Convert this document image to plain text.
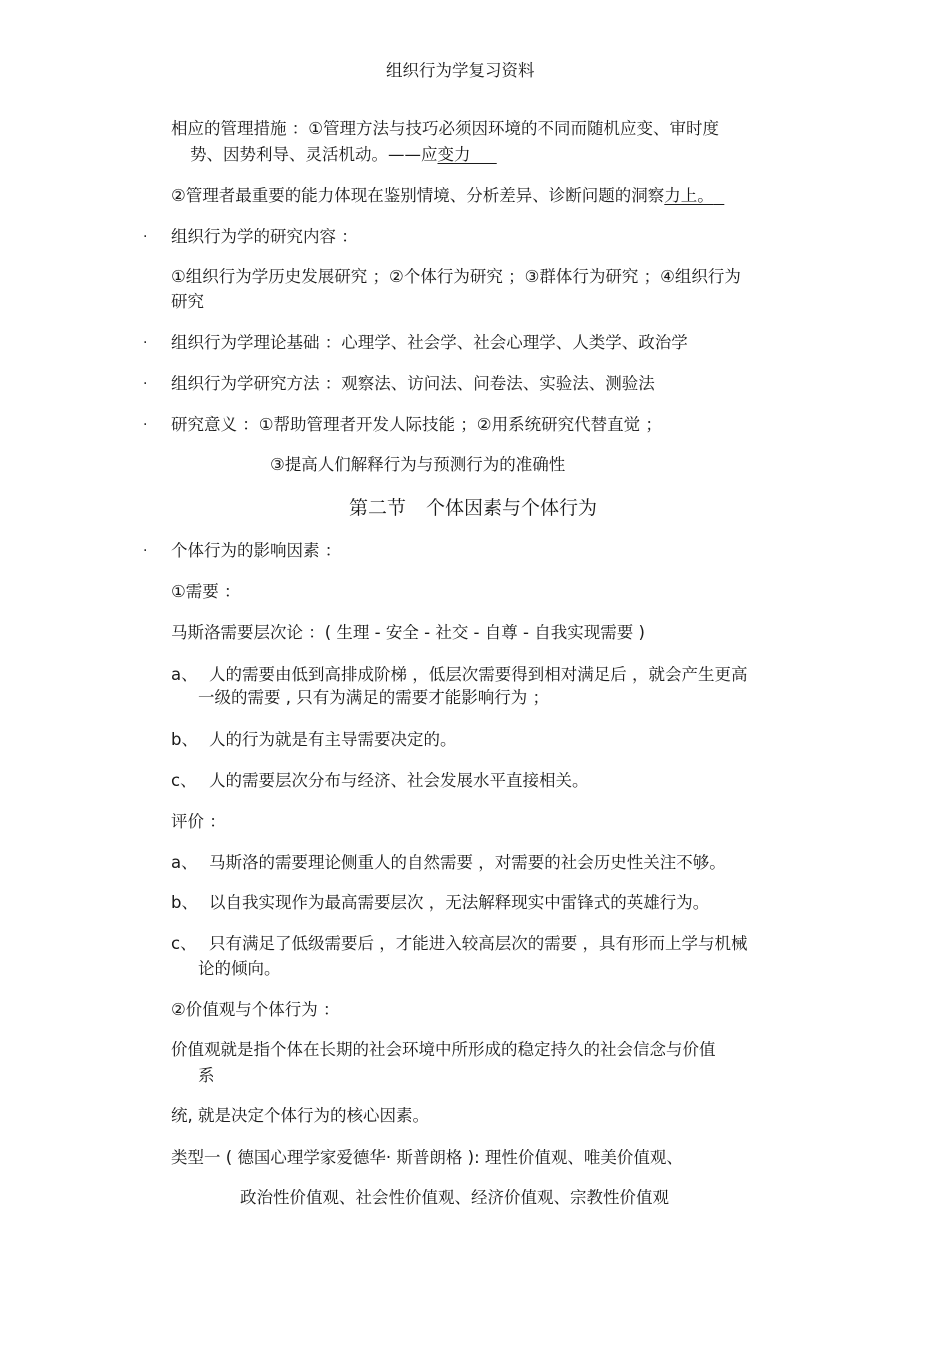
组织行为学复习资料
相应的管理措施 ：①管理方法与技巧必须因环境的不同而随机应变、审时度
势、因势利导、灵活机动。——应变力
②管理者最重要的能力体现在鉴别情境、分析差异、诊断问题的洞察力上。
· 组织行为学的研究内容 ：
①组织行为学历史发展研究 ；②个体行为研究 ；③群体行为研究 ；④组织行为
研究
· 组织行为学理论基础 ：心理学、社会学、社会心理学、人类学、政治学
· 组织行为学研究方法 ：观察法、访问法、问卷法、实验法、测验法
· 研究意义 ：①帮助管理者开发人际技能 ；②用系统研究代替直觉 ；
③提高人们解释行为与预测行为的准确性
第二节 个体因素与个体行为
· 个体行为的影响因素 ：
①需要 ：
马斯洛需要层次论 ：( 生理 - 安全 - 社交 - 自尊 - 自我实现需要 )
a、 人的需要由低到高排成阶梯 ，低层次需要得到相对满足后 ，就会产生更高
一级的需要 , 只有为满足的需要才能影响行为 ；
b、 人的行为就是有主导需要决定的。
c、 人的需要层次分布与经济、社会发展水平直接相关。
评价 ：
a、 马斯洛的需要理论侧重人的自然需要 ，对需要的社会历史性关注不够。
b、 以自我实现作为最高需要层次 ，无法解释现实中雷锋式的英雄行为。
c、 只有满足了低级需要后 ，才能进入较高层次的需要 ，具有形而上学与机械
论的倾向。
②价值观与个体行为 ：
价值观就是指个体在长期的社会环境中所形成的稳定持久的社会信念与价值
系
统, 就是决定个体行为的核心因素。
类型一 ( 德国心理学家爱德华· 斯普朗格 ): 理性价值观、唯美价值观、
政治性价值观、社会性价值观、经济价值观、宗教性价值观
